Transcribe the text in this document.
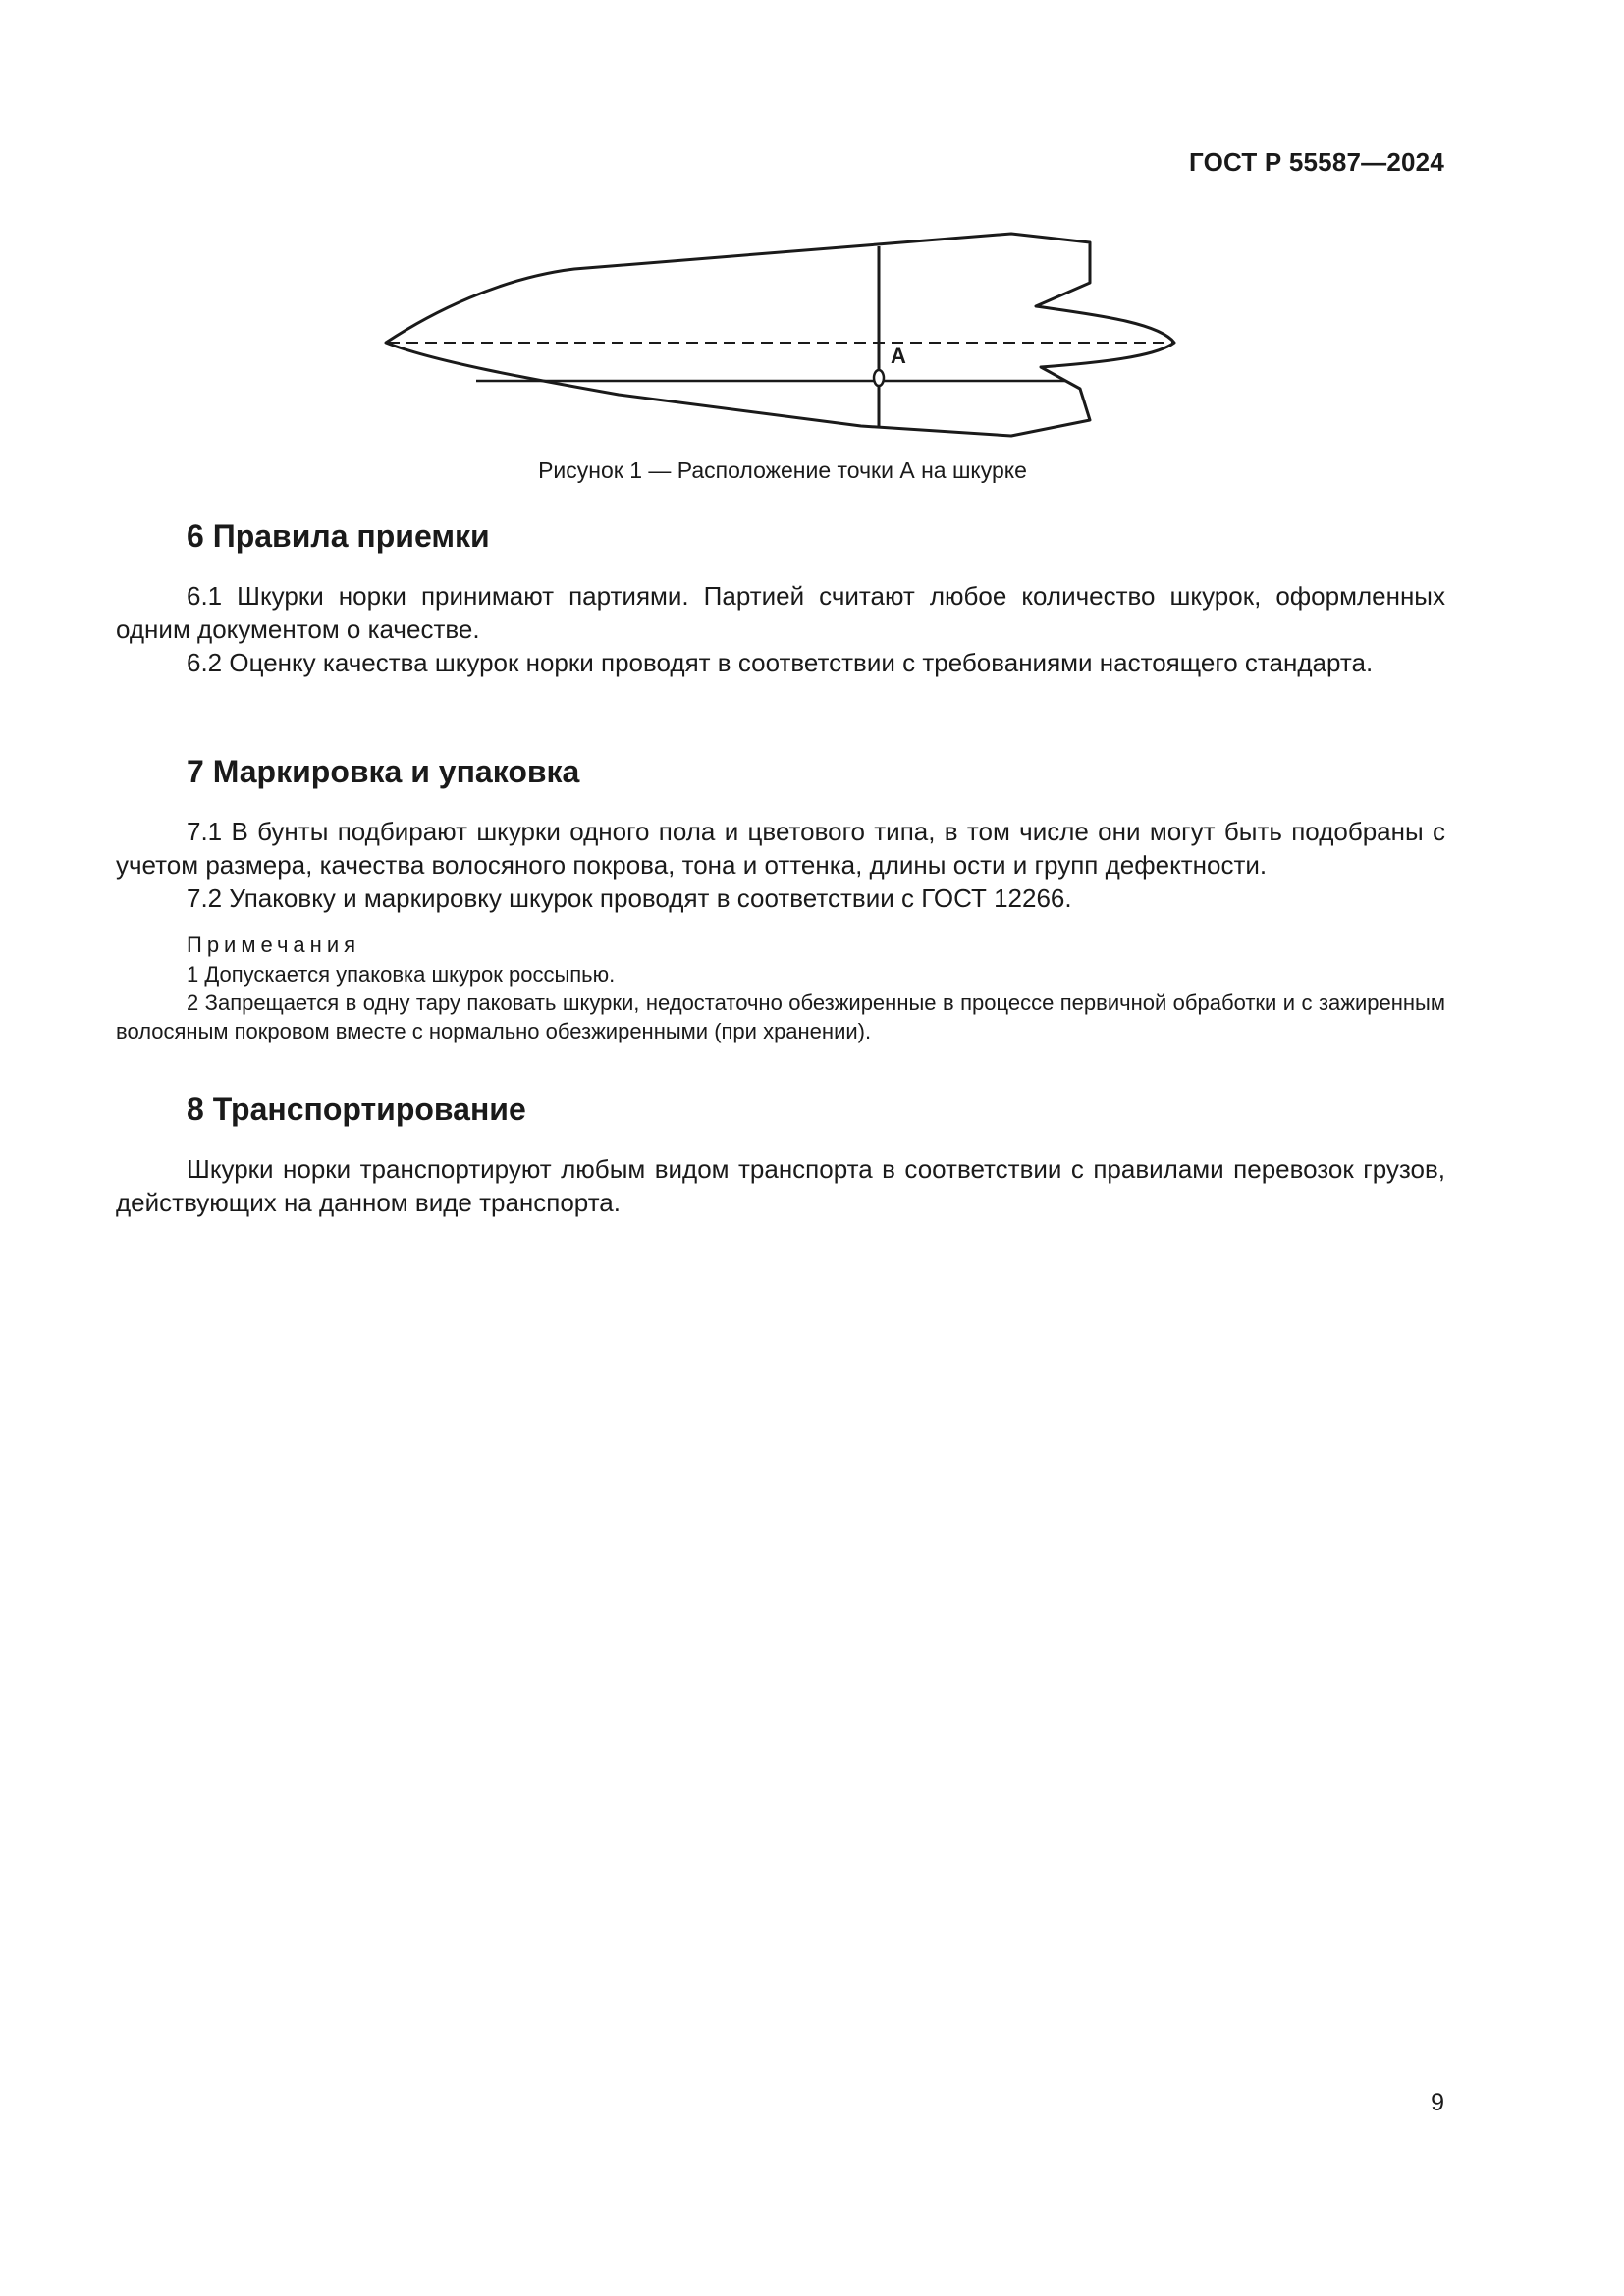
ГОСТ Р 55587—2024
А
Рисунок 1 — Расположение точки А на шкурке
6 Правила приемки

6.1 Шкурки норки принимают партиями. Партией считают любое количество шкурок, оформленных одним документом о качестве.

6.2 Оценку качества шкурок норки проводят в соответствии с требованиями настоящего стандарта.

7 Маркировка и упаковка

7.1 В бунты подбирают шкурки одного пола и цветового типа, в том числе они могут быть подобраны с учетом размера, качества волосяного покрова, тона и оттенка, длины ости и групп дефектности.

7.2 Упаковку и маркировку шкурок проводят в соответствии с ГОСТ 12266.

Примечания

1 Допускается упаковка шкурок россыпью.

2 Запрещается в одну тару паковать шкурки, недостаточно обезжиренные в процессе первичной обработки и с зажиренным волосяным покровом вместе с нормально обезжиренными (при хранении).

8 Транспортирование

Шкурки норки транспортируют любым видом транспорта в соответствии с правилами перевозок грузов, действующих на данном виде транспорта.

9
